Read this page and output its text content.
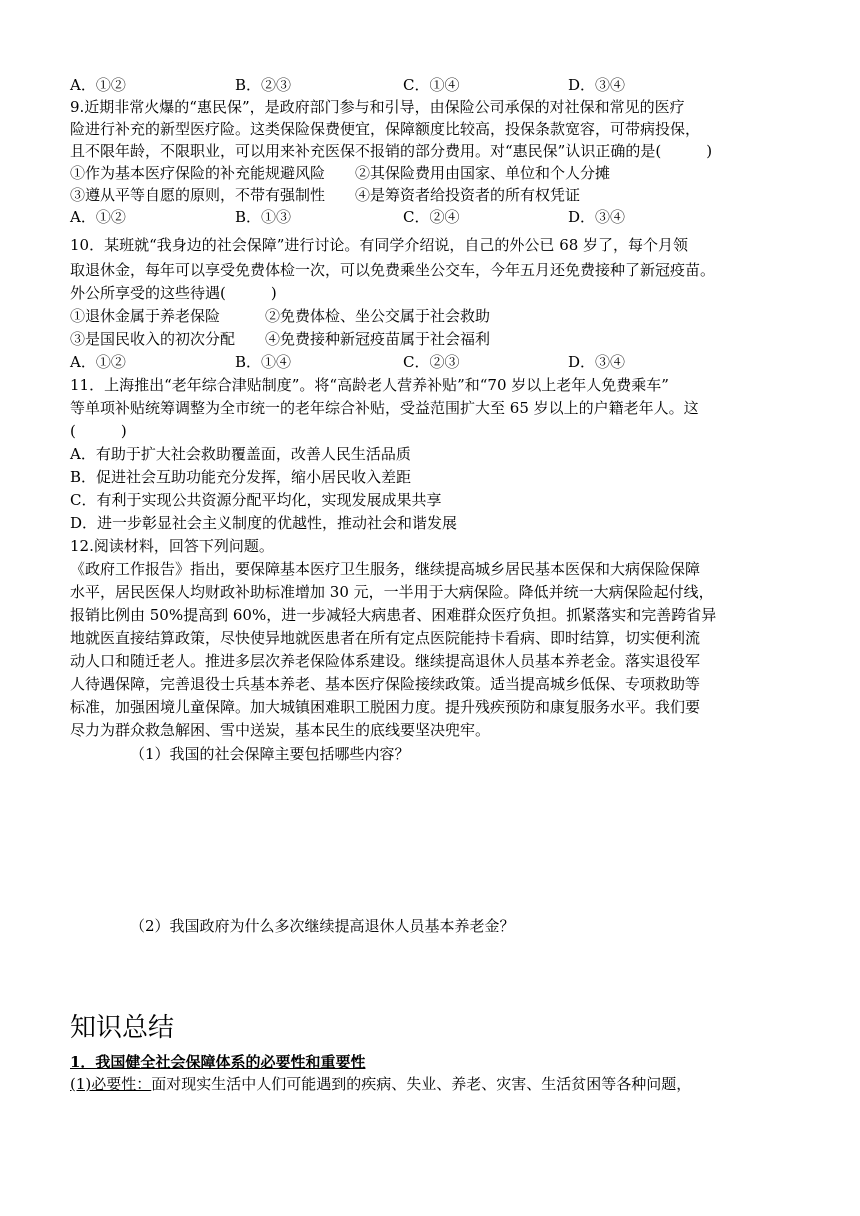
A．①②	B．②③	C．①④	D．③④
9.近期非常火爆的“惠民保”，是政府部门参与和引导，由保险公司承保的对社保和常见的医疗
险进行补充的新型医疗险。这类保险保费便宜，保障额度比较高，投保条款宽容，可带病投保，
且不限年龄，不限职业，可以用来补充医保不报销的部分费用。对“惠民保”认识正确的是(　　　)
①作为基本医疗保险的补充能规避风险　　②其保险费用由国家、单位和个人分摊
③遵从平等自愿的原则，不带有强制性　　④是筹资者给投资者的所有权凭证
A．①②	B．①③	C．②④	D．③④
10．某班就“我身边的社会保障”进行讨论。有同学介绍说，自己的外公已 68 岁了，每个月领
取退休金，每年可以享受免费体检一次，可以免费乘坐公交车，今年五月还免费接种了新冠疫苗。
外公所享受的这些待遇(　　　)
①退休金属于养老保险　　　②免费体检、坐公交属于社会救助
③是国民收入的初次分配　　④免费接种新冠疫苗属于社会福利
A．①②	B．①④	C．②③	D．③④
11．上海推出“老年综合津贴制度”。将“高龄老人营养补贴”和“70 岁以上老年人免费乘车”
等单项补贴统筹调整为全市统一的老年综合补贴，受益范围扩大至 65 岁以上的户籍老年人。这
(　　　)
A．有助于扩大社会救助覆盖面，改善人民生活品质
B．促进社会互助功能充分发挥，缩小居民收入差距
C．有利于实现公共资源分配平均化，实现发展成果共享
D．进一步彰显社会主义制度的优越性，推动社会和谐发展
12.阅读材料，回答下列问题。
《政府工作报告》指出，要保障基本医疗卫生服务，继续提高城乡居民基本医保和大病保险保障
水平，居民医保人均财政补助标准增加 30 元，一半用于大病保险。降低并统一大病保险起付线，
报销比例由 50%提高到 60%，进一步减轻大病患者、困难群众医疗负担。抓紧落实和完善跨省异
地就医直接结算政策，尽快使异地就医患者在所有定点医院能持卡看病、即时结算，切实便利流
动人口和随迁老人。推进多层次养老保险体系建设。继续提高退休人员基本养老金。落实退役军
人待遇保障，完善退役士兵基本养老、基本医疗保险接续政策。适当提高城乡低保、专项救助等
标准，加强困境儿童保障。加大城镇困难职工脱困力度。提升残疾预防和康复服务水平。我们要
尽力为群众救急解困、雪中送炭，基本民生的底线要坚决兜牢。
（1）我国的社会保障主要包括哪些内容？
（2）我国政府为什么多次继续提高退休人员基本养老金？
知识总结
1．我国健全社会保障体系的必要性和重要性
(1)必要性：面对现实生活中人们可能遇到的疾病、失业、养老、灾害、生活贫困等各种问题，
